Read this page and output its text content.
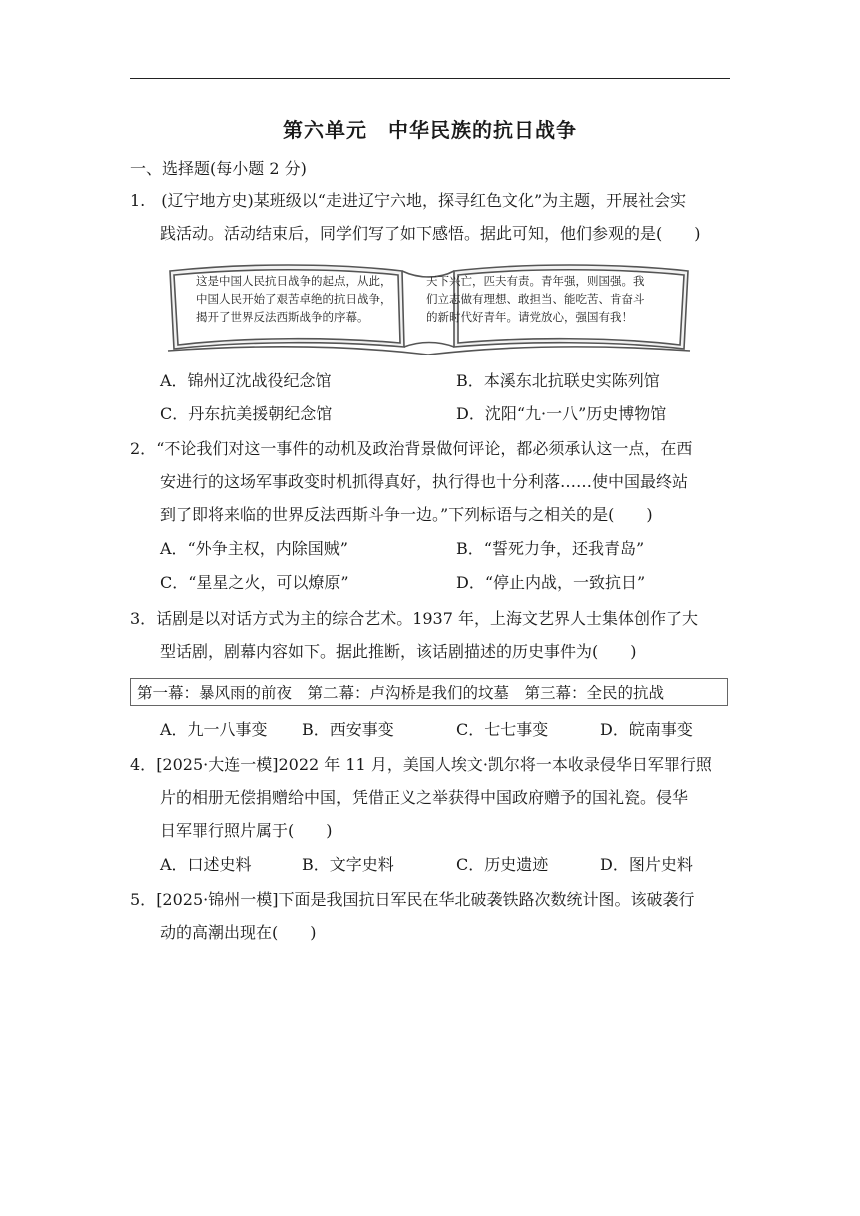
第六单元　中华民族的抗日战争
一、选择题(每小题 2 分)
1.　 (辽宁地方史)某班级以“走进辽宁六地，探寻红色文化”为主题，开展社会实
践活动。活动结束后，同学们写了如下感悟。据此可知，他们参观的是(　　)
这是中国人民抗日战争的起点，从此，
中国人民开始了艰苦卓绝的抗日战争，
揭开了世界反法西斯战争的序幕。
天下兴亡，匹夫有责。青年强，则国强。我
们立志做有理想、敢担当、能吃苦、肯奋斗
的新时代好青年。请党放心，强国有我！
A．锦州辽沈战役纪念馆	B．本溪东北抗联史实陈列馆
C．丹东抗美援朝纪念馆	D．沈阳“九·一八”历史博物馆
2．“不论我们对这一事件的动机及政治背景做何评论，都必须承认这一点，在西
安进行的这场军事政变时机抓得真好，执行得也十分利落……使中国最终站
到了即将来临的世界反法西斯斗争一边。”下列标语与之相关的是(　　)
A．“外争主权，内除国贼”	B．“誓死力争，还我青岛”
C．“星星之火，可以燎原”	D．“停止内战，一致抗日”
3．话剧是以对话方式为主的综合艺术。1937 年，上海文艺界人士集体创作了大
型话剧，剧幕内容如下。据此推断，该话剧描述的历史事件为(　　)
第一幕：暴风雨的前夜　第二幕：卢沟桥是我们的坟墓　第三幕：全民的抗战
A．九一八事变 B．西安事变	C．七七事变	D．皖南事变
4．[2025·大连一模]2022 年 11 月，美国人埃文·凯尔将一本收录侵华日军罪行照
片的相册无偿捐赠给中国，凭借正义之举获得中国政府赠予的国礼瓷。侵华
日军罪行照片属于(　　)
A．口述史料	B．文字史料	C．历史遗迹	D．图片史料
5．[2025·锦州一模]下面是我国抗日军民在华北破袭铁路次数统计图。该破袭行
动的高潮出现在(　　)
